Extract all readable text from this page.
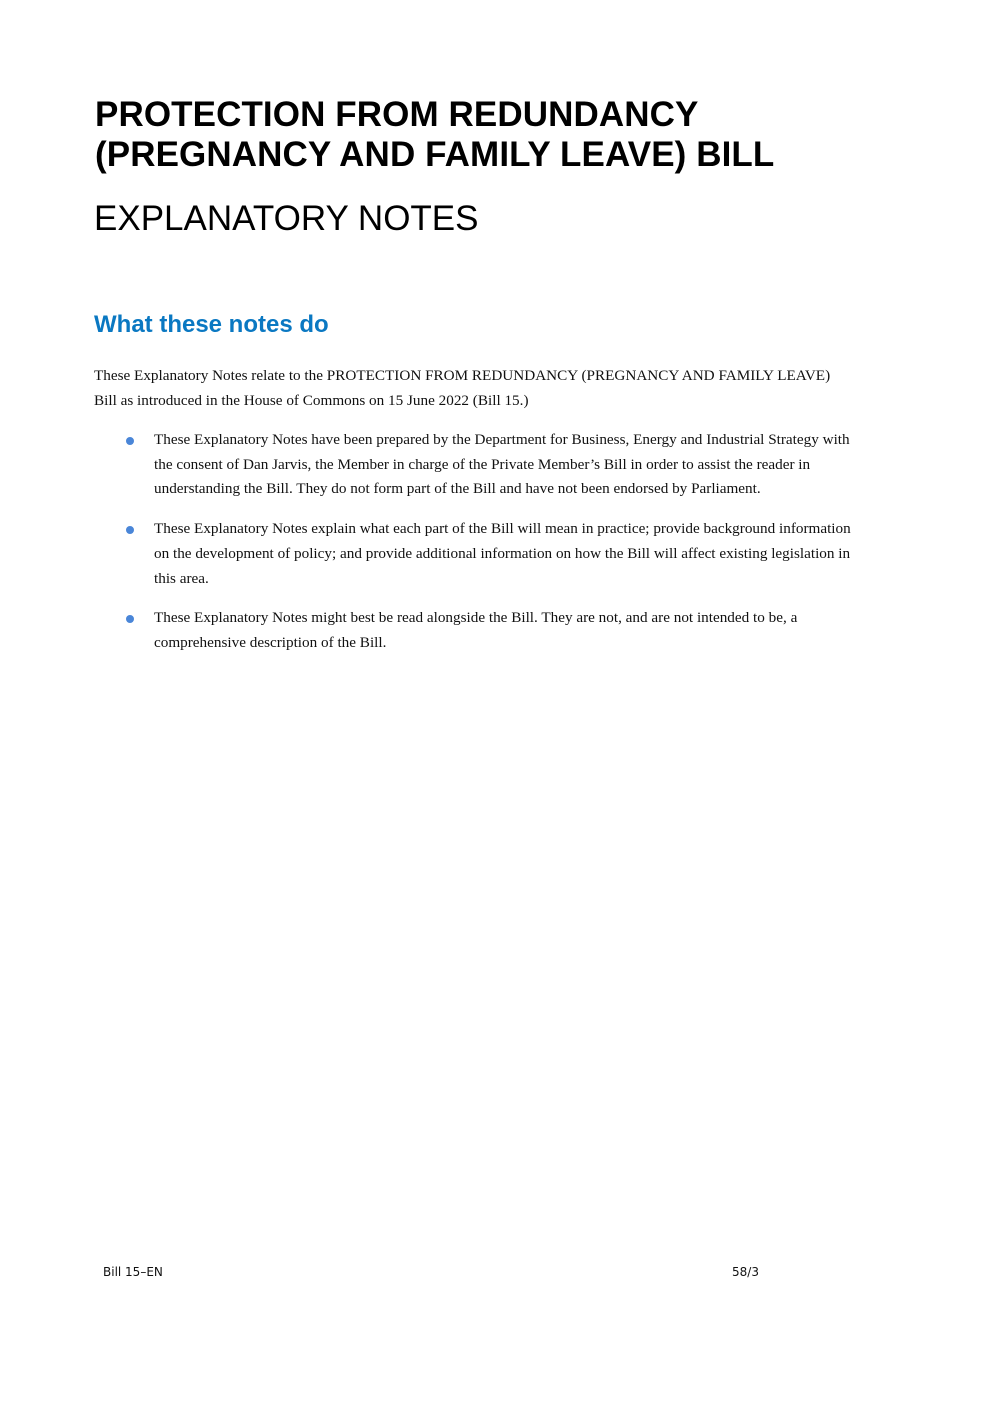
PROTECTION FROM REDUNDANCY
(PREGNANCY AND FAMILY LEAVE) BILL
EXPLANATORY NOTES
What these notes do

These Explanatory Notes relate to the PROTECTION FROM REDUNDANCY (PREGNANCY AND FAMILY LEAVE) Bill as introduced in the House of Commons on 15 June 2022 (Bill 15.)

These Explanatory Notes have been prepared by the Department for Business, Energy and Industrial Strategy with the consent of Dan Jarvis, the Member in charge of the Private Member’s Bill in order to assist the reader in understanding the Bill. They do not form part of the Bill and have not been endorsed by Parliament.
These Explanatory Notes explain what each part of the Bill will mean in practice; provide background information on the development of policy; and provide additional information on how the Bill will affect existing legislation in this area.
These Explanatory Notes might best be read alongside the Bill. They are not, and are not intended to be, a comprehensive description of the Bill.
Bill 15–EN	58/3
